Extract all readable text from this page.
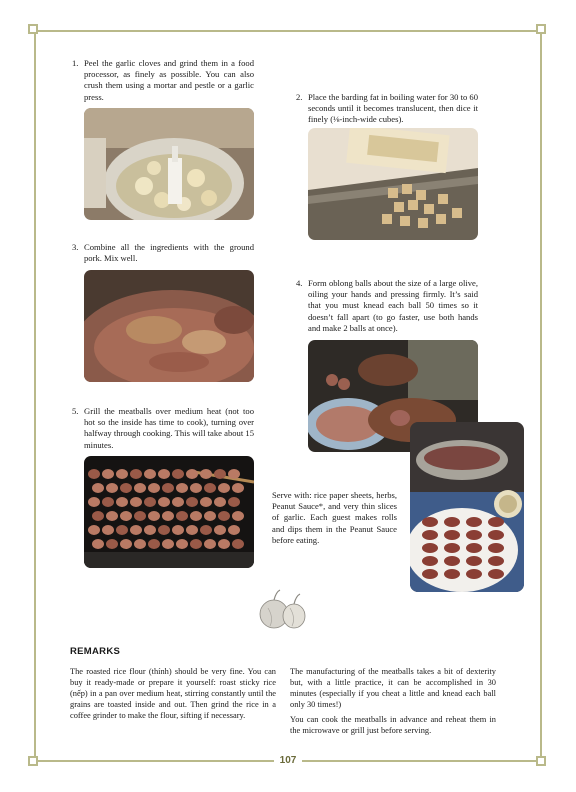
107
1. Peel the garlic cloves and grind them in a food processor, as finely as possible. You can also crush them using a mortar and pestle or a garlic press.	2. Place the barding fat in boiling water for 30 to 60 seconds until it becomes translucent, then dice it finely (⅛-inch-wide cubes).
3. Combine all the ingredients with the ground pork. Mix well.
4. Form oblong balls about the size of a large olive, oiling your hands and pressing firmly. It’s said that you must knead each ball 50 times so it doesn’t fall apart (to go faster, use both hands and make 2 balls at once).
5. Grill the meatballs over medium heat (not too hot so the inside has time to cook), turning over halfway through cooking. This will take about 15 minutes.
Serve with: rice paper sheets, herbs, Peanut Sauce*, and very thin slices of garlic. Each guest makes rolls and dips them in the Peanut Sauce before eating.
REMARKS

The roasted rice flour (thính) should be very fine. You can buy it ready-made or prepare it yourself: roast sticky rice (nếp) in a pan over medium heat, stirring constantly until the grains are toasted inside and out. Then grind the rice in a coffee grinder to make the flour, sifting if necessary.

The manufacturing of the meatballs takes a bit of dexterity but, with a little practice, it can be accomplished in 30 minutes (especially if you cheat a little and knead each ball only 30 times!)

You can cook the meatballs in advance and reheat them in the microwave or grill just before serving.
